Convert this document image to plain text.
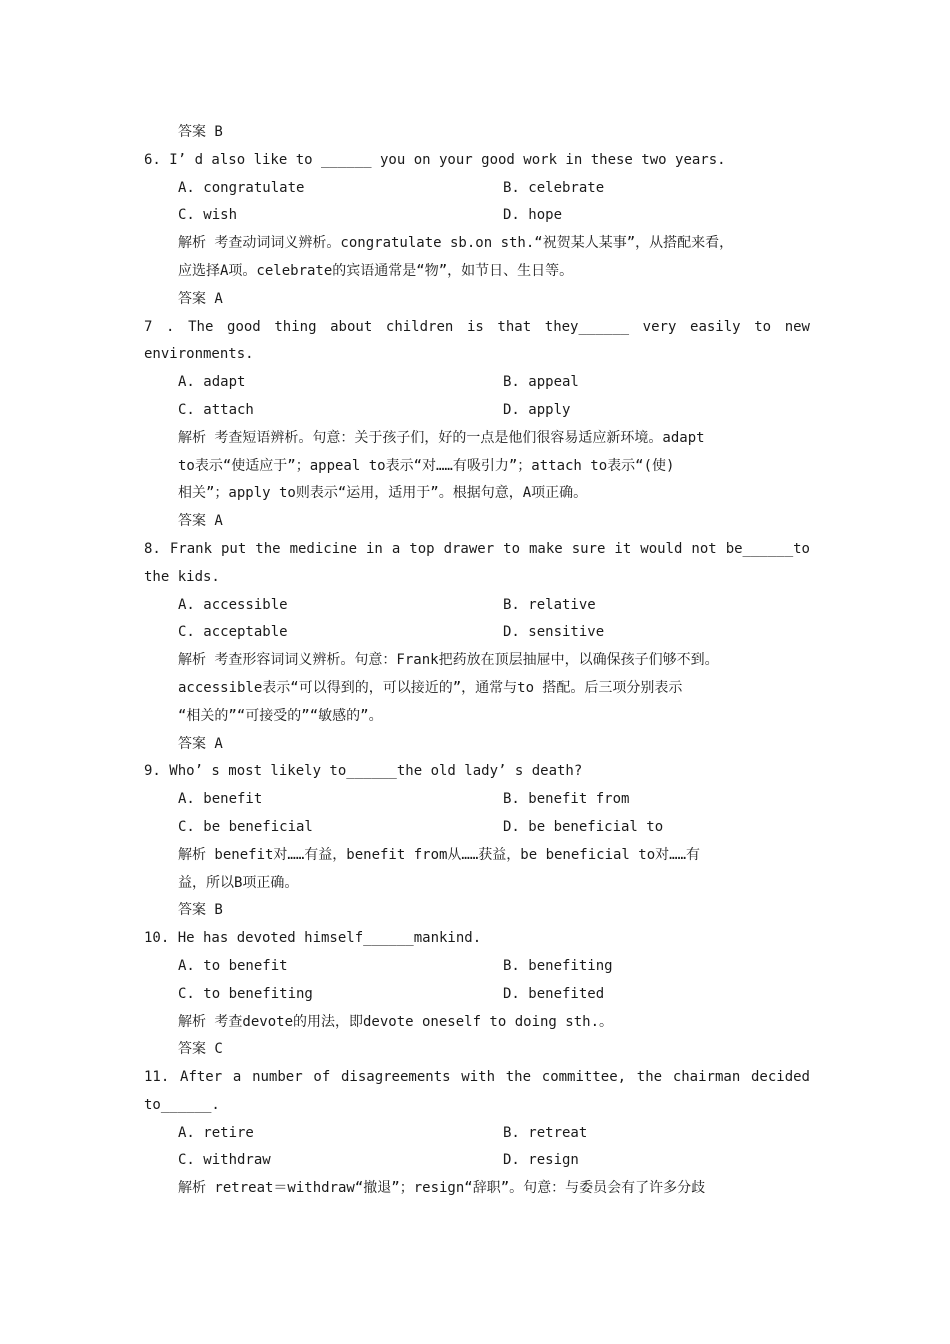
答案 B
6. I’ d also like to ______ you on your good work in these two years.
A. congratulate	B. celebrate
C. wish	D. hope
解析 考查动词词义辨析。congratulate sb.on sth.“祝贺某人某事”，从搭配来看，
应选择A项。celebrate的宾语通常是“物”，如节日、生日等。
答案 A
7 . The good thing about children is that they______ very easily to new
environments.
A. adapt	B. appeal
C. attach	D. apply
解析 考查短语辨析。句意：关于孩子们，好的一点是他们很容易适应新环境。adapt
to表示“使适应于”；appeal to表示“对……有吸引力”；attach to表示“(使)
相关”；apply to则表示“运用，适用于”。根据句意，A项正确。
答案 A
8. Frank put the medicine in a top drawer to make sure it would not be______to
the kids.
A. accessible	B. relative
C. acceptable	D. sensitive
解析 考查形容词词义辨析。句意：Frank把药放在顶层抽屉中，以确保孩子们够不到。
accessible表示“可以得到的，可以接近的”，通常与to 搭配。后三项分别表示
“相关的”“可接受的”“敏感的”。
答案 A
9. Who’ s most likely to______the old lady’ s death?
A. benefit	B. benefit from
C. be beneficial	D. be beneficial to
解析 benefit对……有益，benefit from从……获益，be beneficial to对……有
益，所以B项正确。
答案 B
10. He has devoted himself______mankind.
A. to benefit	B. benefiting
C. to benefiting	D. benefited
解析 考查devote的用法，即devote oneself to doing sth.。
答案 C
11. After a number of disagreements with the committee, the chairman decided
to______.
A. retire	B. retreat
C. withdraw	D. resign
解析 retreat＝withdraw“撤退”；resign“辞职”。句意：与委员会有了许多分歧
